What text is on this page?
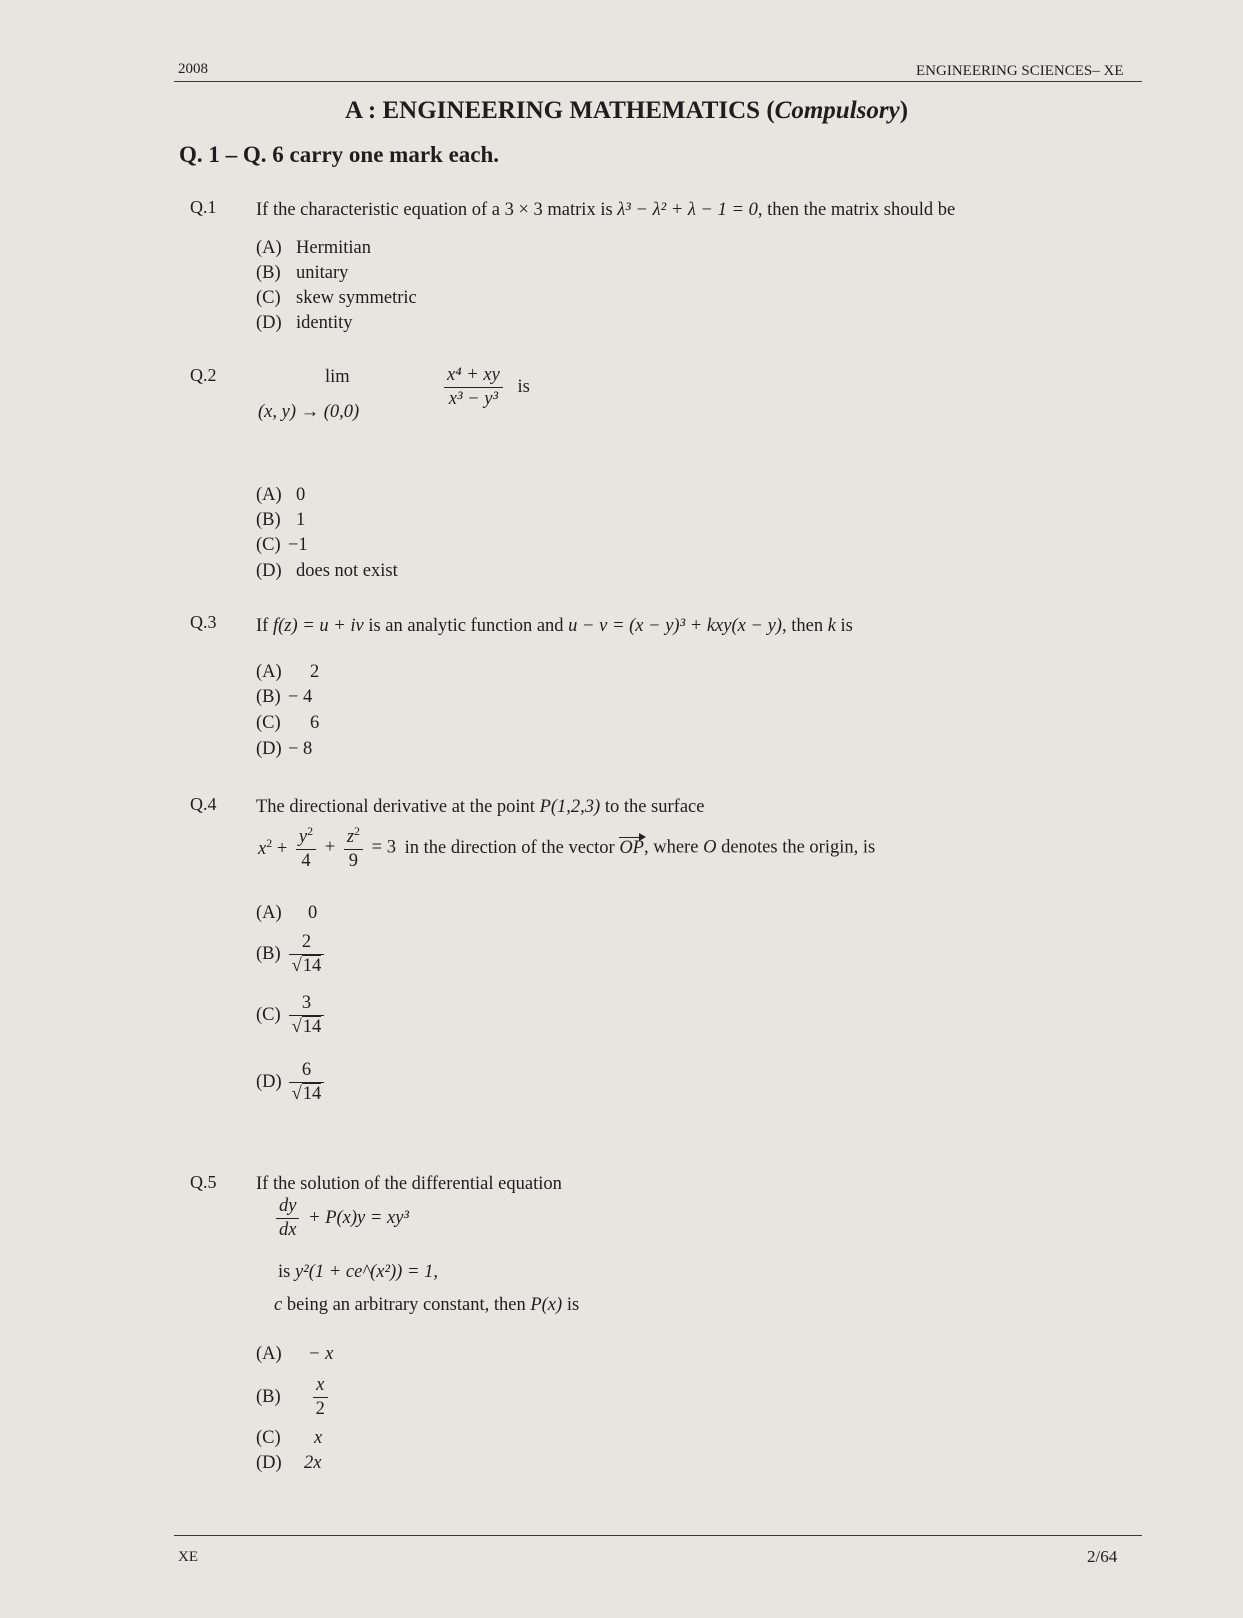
2008	ENGINEERING SCIENCES– XE
A : ENGINEERING MATHEMATICS (Compulsory)
Q. 1 – Q. 6 carry one mark each.
Q.1 If the characteristic equation of a 3 × 3 matrix is λ³ − λ² + λ − 1 = 0, then the matrix should be
(A) Hermitian
(B) unitary
(C) skew symmetric
(D) identity
Q.2	lim
(x, y) → (0,0)
$\frac{\text{x⁴ + xy}}{\text{x³ − y³}}$ is
(A) 0
(B) 1
(C) −1
(D) does not exist
Q.3 If f(z) = u + iv is an analytic function and u − v = (x − y)³ + kxy(x − y), then k is
(A) 2
(B) − 4
(C) 6
(D) − 8
Q.4 The directional derivative at the point P(1,2,3) to the surface
$x^2 + \frac{y^2}{4} + \frac{z^2}{9} = 3$ in the direction of the vector OP, where O denotes the origin, is
(A) 0
$(B) \frac{2}{√14}$
$(C) \frac{3}{√14}$
$(D) \frac{6}{√14}$
Q.5 If the solution of the differential equation
$\frac{dy}{dx} + P(x)y = xy^3$
is y²(1 + ce^(x²)) = 1,
c being an arbitrary constant, then P(x) is
(A) − x
$(B) \frac{x}{2}$
(C) x
(D) 2x
XE	2/64
